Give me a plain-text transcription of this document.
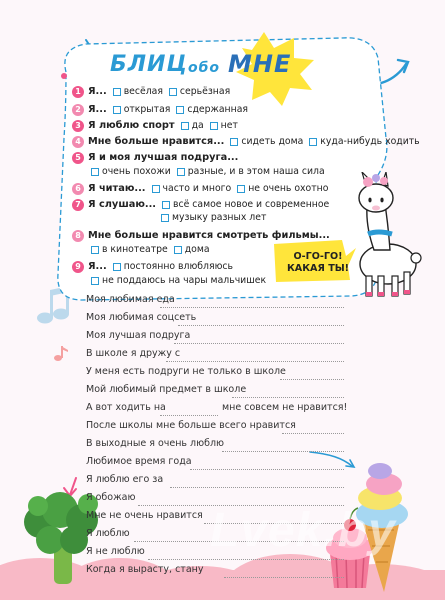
БЛИЦ обо МНЕ
1 Я... весёлая серьёзная
2 Я... открытая сдержанная
3 Я люблю спорт да нет
4 Мне больше нравится... сидеть дома куда-нибудь ходить
5 Я и моя лучшая подруга...
очень похожи разные, и в этом наша сила
6 Я читаю... часто и много не очень охотно
7 Я слушаю... всё самое новое и современное
музыку разных лет
8 Мне больше нравится смотреть фильмы...
в кинотеатре дома
9 Я... постоянно влюбляюсь
не поддаюсь на чары мальчишек
О-ГО-ГО!
КАКАЯ ТЫ!
Моя любимая еда
Моя любимая соцсеть
Моя лучшая подруга
В школе я дружу с
У меня есть подруги не только в школе
Мой любимый предмет в школе
А вот ходить на	мне совсем не нравится!
После школы мне больше всего нравится
В выходные я очень люблю
Любимое время года
Я люблю его за
Я обожаю
Мне не очень нравится
Я люблю
Я не люблю
Когда я вырасту, стану
Lvek.by
